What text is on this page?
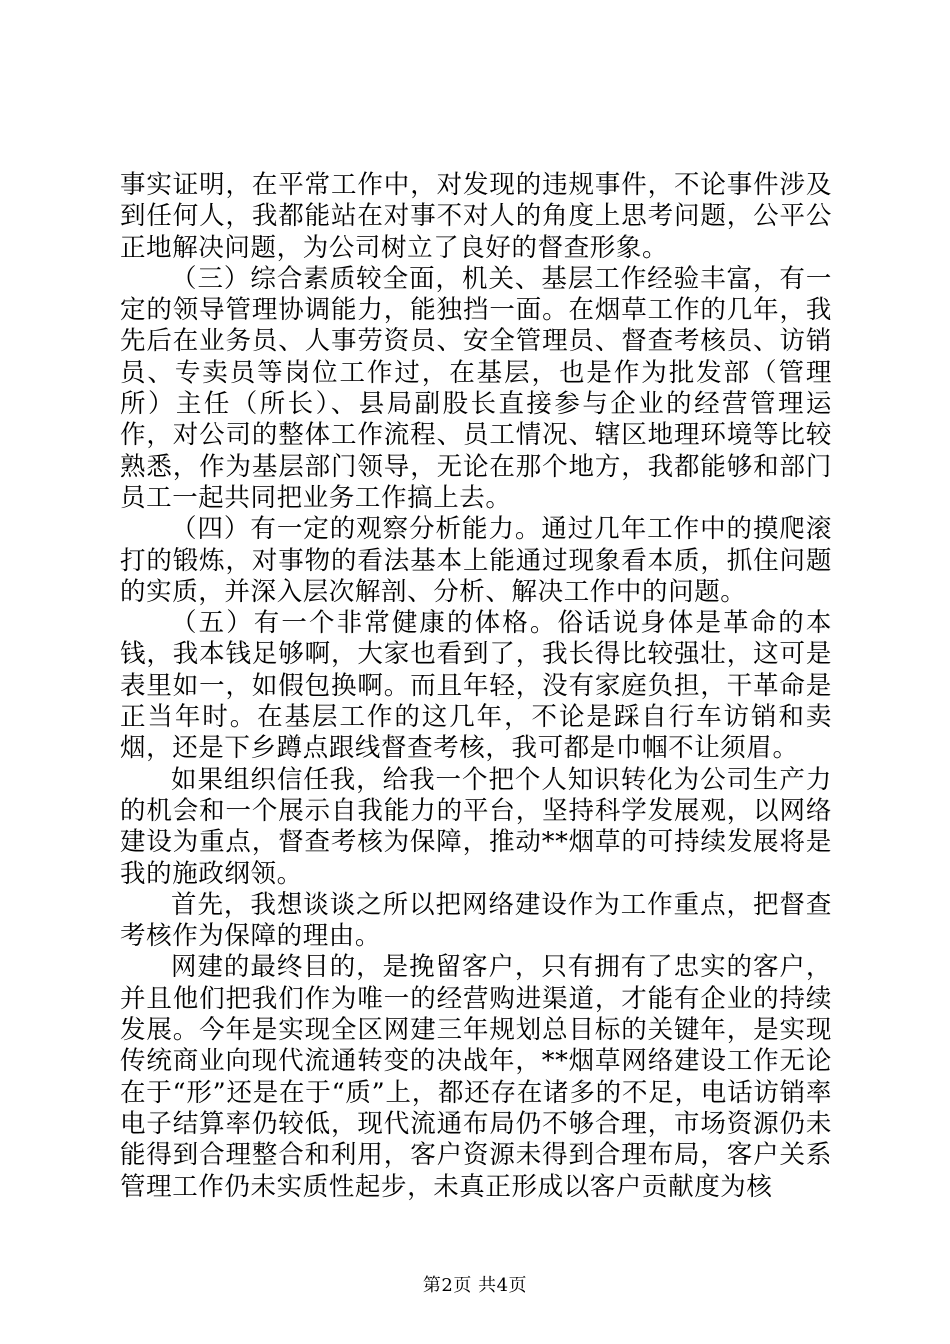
事实证明，在平常工作中，对发现的违规事件，不论事件涉及到任何人，我都能站在对事不对人的角度上思考问题，公平公正地解决问题，为公司树立了良好的督查形象。

（三）综合素质较全面，机关、基层工作经验丰富，有一定的领导管理协调能力，能独挡一面。在烟草工作的几年，我先后在业务员、人事劳资员、安全管理员、督查考核员、访销员、专卖员等岗位工作过，在基层，也是作为批发部（管理所）主任（所长）、县局副股长直接参与企业的经营管理运作，对公司的整体工作流程、员工情况、辖区地理环境等比较熟悉，作为基层部门领导，无论在那个地方，我都能够和部门员工一起共同把业务工作搞上去。

（四）有一定的观察分析能力。通过几年工作中的摸爬滚打的锻炼，对事物的看法基本上能通过现象看本质，抓住问题的实质，并深入层次解剖、分析、解决工作中的问题。

（五）有一个非常健康的体格。俗话说身体是革命的本钱，我本钱足够啊，大家也看到了，我长得比较强壮，这可是表里如一，如假包换啊。而且年轻，没有家庭负担，干革命是正当年时。在基层工作的这几年，不论是踩自行车访销和卖烟，还是下乡蹲点跟线督查考核，我可都是巾帼不让须眉。

如果组织信任我，给我一个把个人知识转化为公司生产力的机会和一个展示自我能力的平台，坚持科学发展观，以网络建设为重点，督查考核为保障，推动**烟草的可持续发展将是我的施政纲领。

首先，我想谈谈之所以把网络建设作为工作重点，把督查考核作为保障的理由。

网建的最终目的，是挽留客户，只有拥有了忠实的客户，并且他们把我们作为唯一的经营购进渠道，才能有企业的持续发展。今年是实现全区网建三年规划总目标的关键年，是实现传统商业向现代流通转变的决战年，**烟草网络建设工作无论在于“形”还是在于“质”上，都还存在诸多的不足，电话访销率电子结算率仍较低，现代流通布局仍不够合理，市场资源仍未能得到合理整合和利用，客户资源未得到合理布局，客户关系管理工作仍未实质性起步，未真正形成以客户贡献度为核

第2页 共4页
